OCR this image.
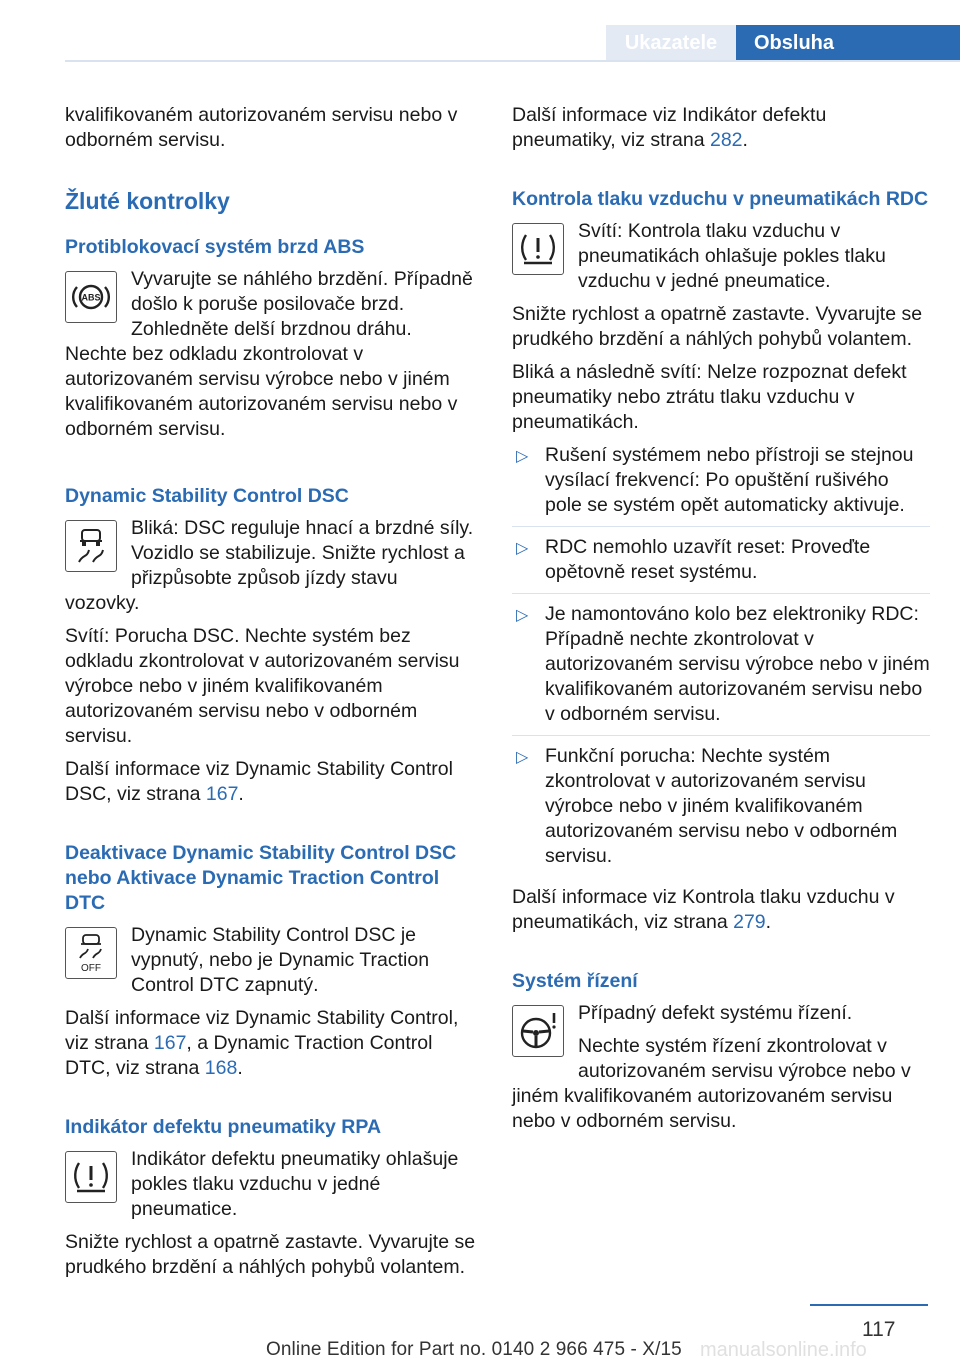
Ukazatele	Obsluha

kvalifikovaném autorizovaném servisu nebo v odborném servisu.

Žluté kontrolky
Protiblokovací systém brzd ABS
ABS

Vyvarujte se náhlého brzdění. Případně došlo k poruše posilovače brzd. Zohledněte delší brzdnou dráhu. Nechte bez odkladu zkontrolovat v autorizovaném servisu výrobce nebo v jiném kvalifikovaném autorizovaném servisu nebo v odborném servisu.

Dynamic Stability Control DSC

Bliká: DSC reguluje hnací a brzdné síly. Vozidlo se stabilizuje. Snižte rychlost a přizpůsobte způsob jízdy stavu vozovky.

Svítí: Porucha DSC. Nechte systém bez odkladu zkontrolovat v autorizovaném servisu výrobce nebo v jiném kvalifikovaném autorizovaném servisu nebo v odborném servisu.

Další informace viz Dynamic Stability Control DSC, viz strana 167.

Deaktivace Dynamic Stability Control DSC nebo Aktivace Dynamic Traction Control DTC
OFF

Dynamic Stability Control DSC je vypnutý, nebo je Dynamic Traction Control DTC zapnutý.

Další informace viz Dynamic Stability Control, viz strana 167, a Dynamic Traction Control DTC, viz strana 168.

Indikátor defektu pneumatiky RPA

Indikátor defektu pneumatiky ohlašuje pokles tlaku vzduchu v jedné pneumatice.

Snižte rychlost a opatrně zastavte. Vyvarujte se prudkého brzdění a náhlých pohybů volantem.

Další informace viz Indikátor defektu pneumatiky, viz strana 282.

Kontrola tlaku vzduchu v pneumatikách RDC

Svítí: Kontrola tlaku vzduchu v pneumatikách ohlašuje pokles tlaku vzduchu v jedné pneumatice.

Snižte rychlost a opatrně zastavte. Vyvarujte se prudkého brzdění a náhlých pohybů volantem.

Bliká a následně svítí: Nelze rozpoznat defekt pneumatiky nebo ztrátu tlaku vzduchu v pneumatikách.

▷ Rušení systémem nebo přístroji se stejnou vysílací frekvencí: Po opuštění rušivého pole se systém opět automaticky aktivuje.
▷ RDC nemohlo uzavřít reset: Proveďte opětovně reset systému.
▷ Je namontováno kolo bez elektroniky RDC: Případně nechte zkontrolovat v autorizovaném servisu výrobce nebo v jiném kvalifikovaném autorizovaném servisu nebo v odborném servisu.
▷ Funkční porucha: Nechte systém zkontrolovat v autorizovaném servisu výrobce nebo v jiném kvalifikovaném autorizovaném servisu nebo v odborném servisu.

Další informace viz Kontrola tlaku vzduchu v pneumatikách, viz strana 279.

Systém řízení

Případný defekt systému řízení.

Nechte systém řízení zkontrolovat v autorizovaném servisu výrobce nebo v jiném kvalifikovaném autorizovaném servisu nebo v odborném servisu.

117
Online Edition for Part no. 0140 2 966 475 - X/15 manualsonline.info
